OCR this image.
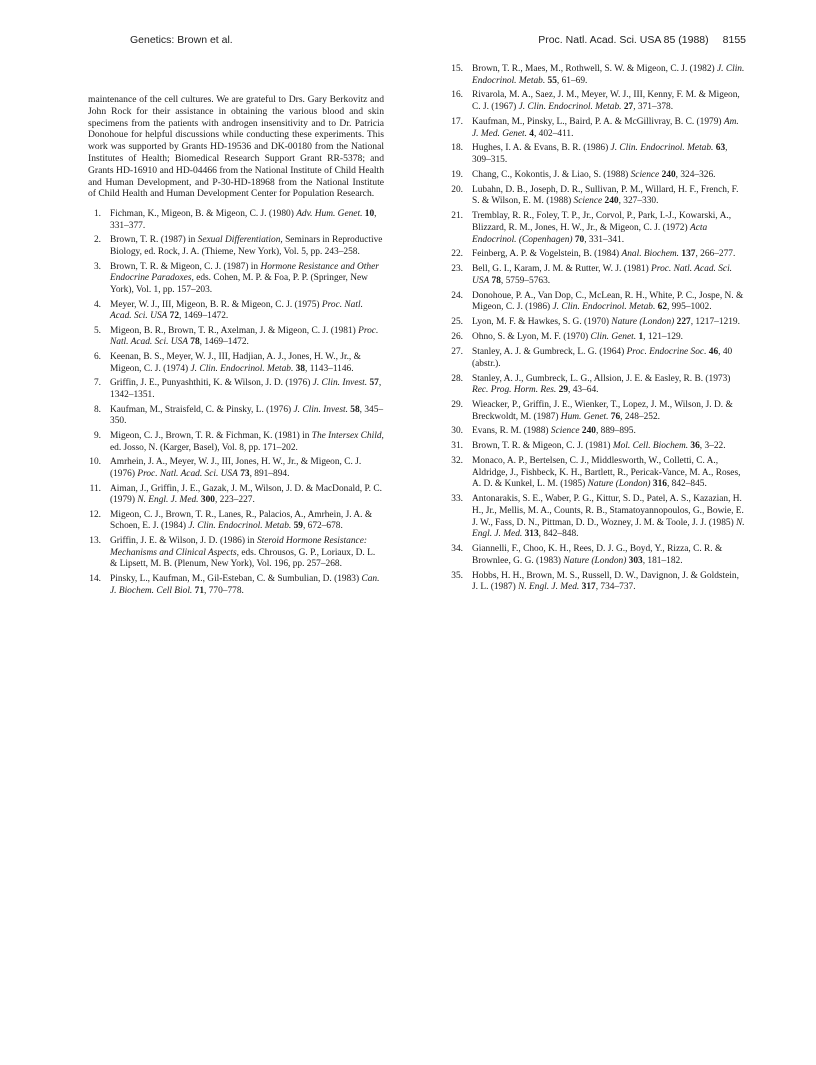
Genetics: Brown et al.	Proc. Natl. Acad. Sci. USA 85 (1988) 8155

maintenance of the cell cultures. We are grateful to Drs. Gary Berkovitz and John Rock for their assistance in obtaining the various blood and skin specimens from the patients with androgen insensitivity and to Dr. Patricia Donohoue for helpful discussions while conducting these experiments. This work was supported by Grants HD-19536 and DK-00180 from the National Institutes of Health; Biomedical Research Support Grant RR-5378; and Grants HD-16910 and HD-04466 from the National Institute of Child Health and Human Development, and P-30-HD-18968 from the National Institute of Child Health and Human Development Center for Population Research.

1. Fichman, K., Migeon, B. & Migeon, C. J. (1980) Adv. Hum. Genet. 10, 331–377.
2. Brown, T. R. (1987) in Sexual Differentiation, Seminars in Reproductive Biology, ed. Rock, J. A. (Thieme, New York), Vol. 5, pp. 243–258.
3. Brown, T. R. & Migeon, C. J. (1987) in Hormone Resistance and Other Endocrine Paradoxes, eds. Cohen, M. P. & Foa, P. P. (Springer, New York), Vol. 1, pp. 157–203.
4. Meyer, W. J., III, Migeon, B. R. & Migeon, C. J. (1975) Proc. Natl. Acad. Sci. USA 72, 1469–1472.
5. Migeon, B. R., Brown, T. R., Axelman, J. & Migeon, C. J. (1981) Proc. Natl. Acad. Sci. USA 78, 1469–1472.
6. Keenan, B. S., Meyer, W. J., III, Hadjian, A. J., Jones, H. W., Jr., & Migeon, C. J. (1974) J. Clin. Endocrinol. Metab. 38, 1143–1146.
7. Griffin, J. E., Punyashthiti, K. & Wilson, J. D. (1976) J. Clin. Invest. 57, 1342–1351.
8. Kaufman, M., Straisfeld, C. & Pinsky, L. (1976) J. Clin. Invest. 58, 345–350.
9. Migeon, C. J., Brown, T. R. & Fichman, K. (1981) in The Intersex Child, ed. Josso, N. (Karger, Basel), Vol. 8, pp. 171–202.
10. Amrhein, J. A., Meyer, W. J., III, Jones, H. W., Jr., & Migeon, C. J. (1976) Proc. Natl. Acad. Sci. USA 73, 891–894.
11. Aiman, J., Griffin, J. E., Gazak, J. M., Wilson, J. D. & MacDonald, P. C. (1979) N. Engl. J. Med. 300, 223–227.
12. Migeon, C. J., Brown, T. R., Lanes, R., Palacios, A., Amrhein, J. A. & Schoen, E. J. (1984) J. Clin. Endocrinol. Metab. 59, 672–678.
13. Griffin, J. E. & Wilson, J. D. (1986) in Steroid Hormone Resistance: Mechanisms and Clinical Aspects, eds. Chrousos, G. P., Loriaux, D. L. & Lipsett, M. B. (Plenum, New York), Vol. 196, pp. 257–268.
14. Pinsky, L., Kaufman, M., Gil-Esteban, C. & Sumbulian, D. (1983) Can. J. Biochem. Cell Biol. 71, 770–778.
15. Brown, T. R., Maes, M., Rothwell, S. W. & Migeon, C. J. (1982) J. Clin. Endocrinol. Metab. 55, 61–69.
16. Rivarola, M. A., Saez, J. M., Meyer, W. J., III, Kenny, F. M. & Migeon, C. J. (1967) J. Clin. Endocrinol. Metab. 27, 371–378.
17. Kaufman, M., Pinsky, L., Baird, P. A. & McGillivray, B. C. (1979) Am. J. Med. Genet. 4, 402–411.
18. Hughes, I. A. & Evans, B. R. (1986) J. Clin. Endocrinol. Metab. 63, 309–315.
19. Chang, C., Kokontis, J. & Liao, S. (1988) Science 240, 324–326.
20. Lubahn, D. B., Joseph, D. R., Sullivan, P. M., Willard, H. F., French, F. S. & Wilson, E. M. (1988) Science 240, 327–330.
21. Tremblay, R. R., Foley, T. P., Jr., Corvol, P., Park, I.-J., Kowarski, A., Blizzard, R. M., Jones, H. W., Jr., & Migeon, C. J. (1972) Acta Endocrinol. (Copenhagen) 70, 331–341.
22. Feinberg, A. P. & Vogelstein, B. (1984) Anal. Biochem. 137, 266–277.
23. Bell, G. I., Karam, J. M. & Rutter, W. J. (1981) Proc. Natl. Acad. Sci. USA 78, 5759–5763.
24. Donohoue, P. A., Van Dop, C., McLean, R. H., White, P. C., Jospe, N. & Migeon, C. J. (1986) J. Clin. Endocrinol. Metab. 62, 995–1002.
25. Lyon, M. F. & Hawkes, S. G. (1970) Nature (London) 227, 1217–1219.
26. Ohno, S. & Lyon, M. F. (1970) Clin. Genet. 1, 121–129.
27. Stanley, A. J. & Gumbreck, L. G. (1964) Proc. Endocrine Soc. 46, 40 (abstr.).
28. Stanley, A. J., Gumbreck, L. G., Allsion, J. E. & Easley, R. B. (1973) Rec. Prog. Horm. Res. 29, 43–64.
29. Wieacker, P., Griffin, J. E., Wienker, T., Lopez, J. M., Wilson, J. D. & Breckwoldt, M. (1987) Hum. Genet. 76, 248–252.
30. Evans, R. M. (1988) Science 240, 889–895.
31. Brown, T. R. & Migeon, C. J. (1981) Mol. Cell. Biochem. 36, 3–22.
32. Monaco, A. P., Bertelsen, C. J., Middlesworth, W., Colletti, C. A., Aldridge, J., Fishbeck, K. H., Bartlett, R., Pericak-Vance, M. A., Roses, A. D. & Kunkel, L. M. (1985) Nature (London) 316, 842–845.
33. Antonarakis, S. E., Waber, P. G., Kittur, S. D., Patel, A. S., Kazazian, H. H., Jr., Mellis, M. A., Counts, R. B., Stamatoyannopoulos, G., Bowie, E. J. W., Fass, D. N., Pittman, D. D., Wozney, J. M. & Toole, J. J. (1985) N. Engl. J. Med. 313, 842–848.
34. Giannelli, F., Choo, K. H., Rees, D. J. G., Boyd, Y., Rizza, C. R. & Brownlee, G. G. (1983) Nature (London) 303, 181–182.
35. Hobbs, H. H., Brown, M. S., Russell, D. W., Davignon, J. & Goldstein, J. L. (1987) N. Engl. J. Med. 317, 734–737.
